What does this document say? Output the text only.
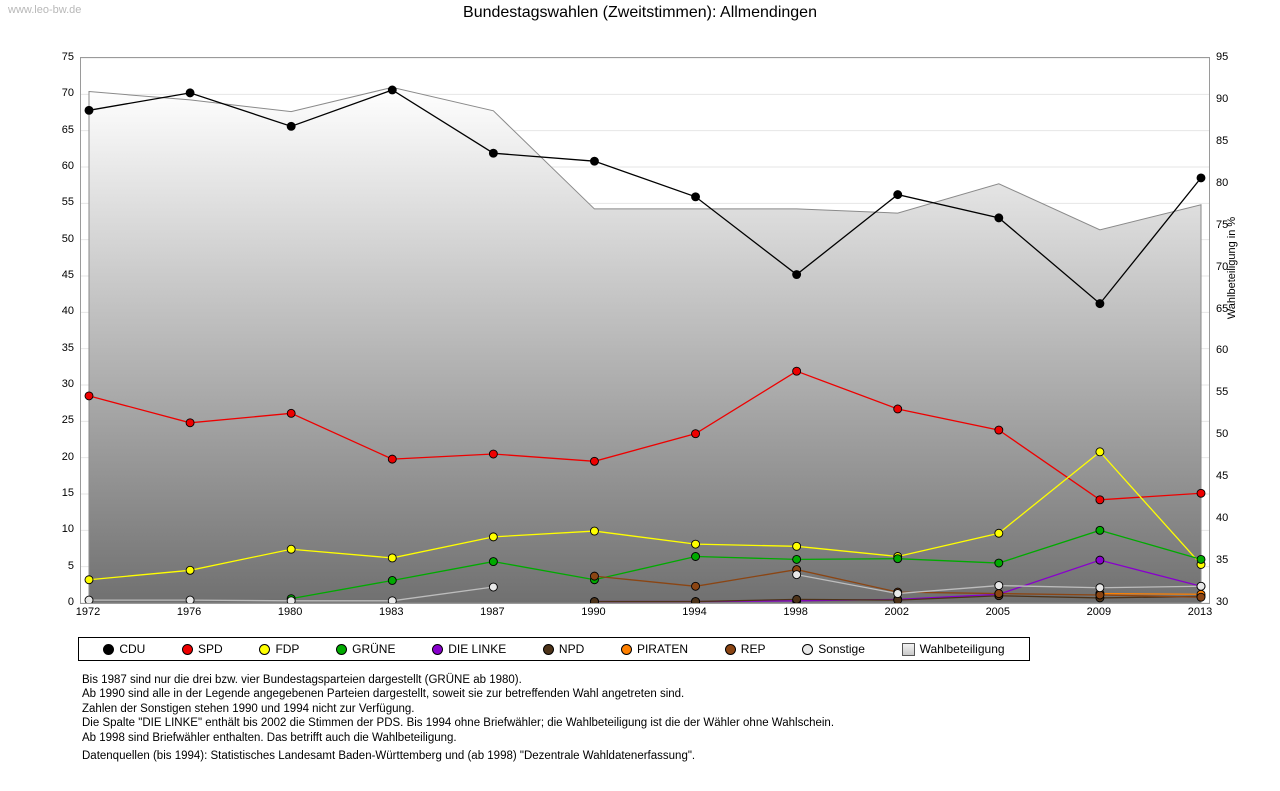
www.leo-bw.de	Bundestagswahlen (Zweitstimmen): Allmendingen
Wahlbeteiligung in %
0
5
10
15
20
25
30
35
40
45
50
55
60
65
70
75
30
35
40
45
50
55
60
65
70
75
80
85
90
95
1972	1976	1980	1983	1987	1990	1994	1998	2002	2005	2009	2013
CDU	SPD	FDP	GRÜNE	DIE LINKE	NPD	PIRATEN	REP	Sonstige	Wahlbeteiligung
Bis 1987 sind nur die drei bzw. vier Bundestagsparteien dargestellt (GRÜNE ab 1980).
Ab 1990 sind alle in der Legende angegebenen Parteien dargestellt, soweit sie zur betreffenden Wahl angetreten sind.
Zahlen der Sonstigen stehen 1990 und 1994 nicht zur Verfügung.
Die Spalte "DIE LINKE" enthält bis 2002 die Stimmen der PDS. Bis 1994 ohne Briefwähler; die Wahlbeteiligung ist die der Wähler ohne Wahlschein.
Ab 1998 sind Briefwähler enthalten. Das betrifft auch die Wahlbeteiligung.
Datenquellen (bis 1994): Statistisches Landesamt Baden-Württemberg und (ab 1998) "Dezentrale Wahldatenerfassung".
